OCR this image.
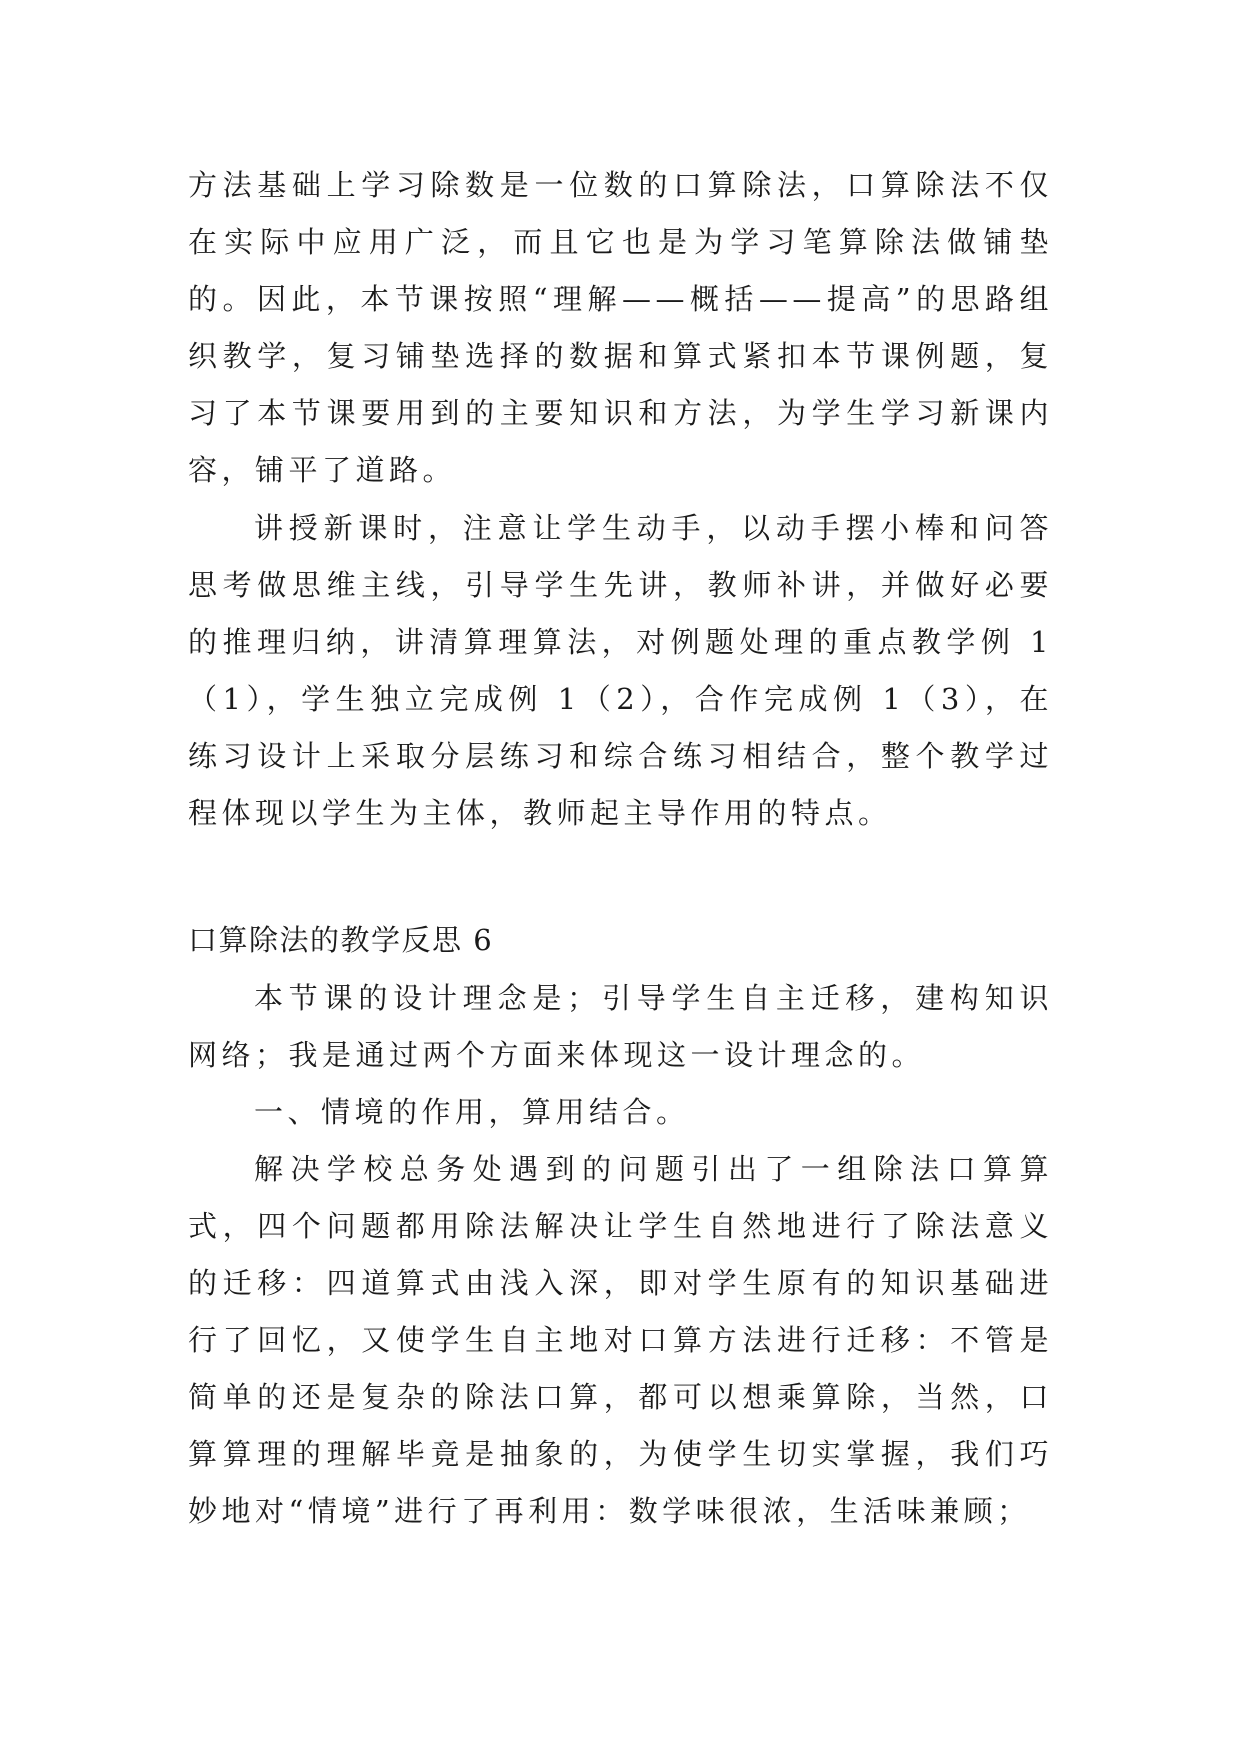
方法基础上学习除数是一位数的口算除法，口算除法不仅在实际中应用广泛，而且它也是为学习笔算除法做铺垫的。因此，本节课按照“理解——概括——提高”的思路组织教学，复习铺垫选择的数据和算式紧扣本节课例题，复习了本节课要用到的主要知识和方法，为学生学习新课内容，铺平了道路。

讲授新课时，注意让学生动手，以动手摆小棒和问答思考做思维主线，引导学生先讲，教师补讲，并做好必要的推理归纳，讲清算理算法，对例题处理的重点教学例 1（1），学生独立完成例 1（2），合作完成例 1（3），在练习设计上采取分层练习和综合练习相结合，整个教学过程体现以学生为主体，教师起主导作用的特点。

口算除法的教学反思 6

本节课的设计理念是；引导学生自主迁移，建构知识网络；我是通过两个方面来体现这一设计理念的。

一、情境的作用，算用结合。

解决学校总务处遇到的问题引出了一组除法口算算式，四个问题都用除法解决让学生自然地进行了除法意义的迁移：四道算式由浅入深，即对学生原有的知识基础进行了回忆，又使学生自主地对口算方法进行迁移：不管是简单的还是复杂的除法口算，都可以想乘算除，当然，口算算理的理解毕竟是抽象的，为使学生切实掌握，我们巧妙地对“情境”进行了再利用：数学味很浓，生活味兼顾；
